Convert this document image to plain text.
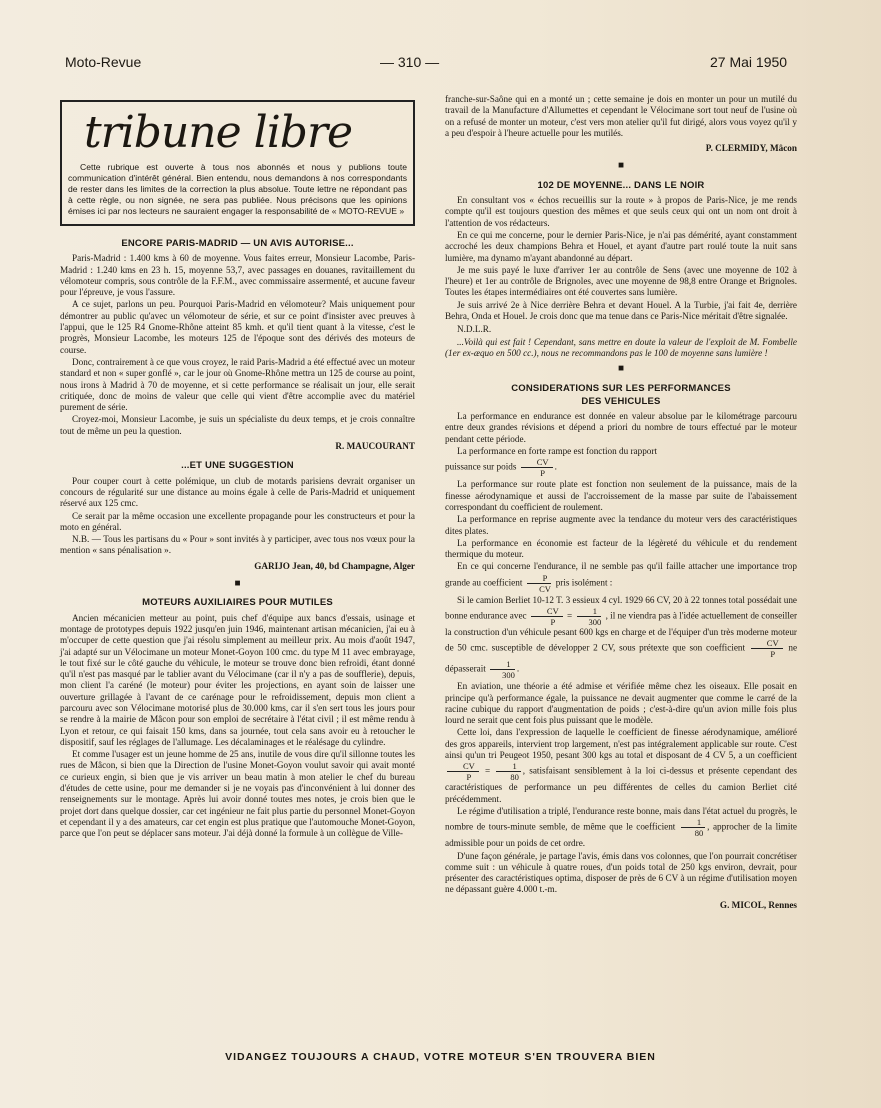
Moto-Revue	— 310 —	27 Mai 1950
tribune libre

Cette rubrique est ouverte à tous nos abonnés et nous y publions toute communication d'intérêt général. Bien entendu, nous demandons à nos correspondants de rester dans les limites de la correction la plus absolue. Toute lettre ne répondant pas à cette règle, ou non signée, ne sera pas publiée. Nous précisons que les opinions émises ici par nos lecteurs ne sauraient engager la responsabilité de « MOTO-REVUE »

ENCORE PARIS-MADRID — UN AVIS AUTORISE...

Paris-Madrid : 1.400 kms à 60 de moyenne. Vous faites erreur, Monsieur Lacombe, Paris-Madrid : 1.240 kms en 23 h. 15, moyenne 53,7, avec passages en douanes, ravitaillement du vélomoteur compris, sous contrôle de la F.F.M., avec commissaire assermenté, et aucune faveur pour l'épreuve, je vous l'assure.

A ce sujet, parlons un peu. Pourquoi Paris-Madrid en vélomoteur? Mais uniquement pour démontrer au public qu'avec un vélomoteur de série, et sur ce point d'insister avec preuves à l'appui, que le 125 R4 Gnome-Rhône atteint 85 kmh. et qu'il tient quant à la vitesse, c'est le progrès, Monsieur Lacombe, les moteurs 125 de l'époque sont des dérivés des moteurs de course.

Donc, contrairement à ce que vous croyez, le raid Paris-Madrid a été effectué avec un moteur standard et non « super gonflé », car le jour où Gnome-Rhône mettra un 125 de course au point, nous irons à Madrid à 70 de moyenne, et si cette performance se réalisait un jour, elle serait critiquée, donc de moins de valeur que celle qui vient d'être accomplie avec du matériel purement de série.

Croyez-moi, Monsieur Lacombe, je suis un spécialiste du deux temps, et je crois connaître tout de même un peu la question.

R. MAUCOURANT

...ET UNE SUGGESTION

Pour couper court à cette polémique, un club de motards parisiens devrait organiser un concours de régularité sur une distance au moins égale à celle de Paris-Madrid et uniquement réservé aux 125 cmc.

Ce serait par la même occasion une excellente propagande pour les constructeurs et pour la moto en général.

N.B. — Tous les partisans du « Pour » sont invités à y participer, avec tous nos vœux pour la mention « sans pénalisation ».

GARIJO Jean, 40, bd Champagne, Alger

■
MOTEURS AUXILIAIRES POUR MUTILES

Ancien mécanicien metteur au point, puis chef d'équipe aux bancs d'essais, usinage et montage de prototypes depuis 1922 jusqu'en juin 1946, maintenant artisan mécanicien, j'ai eu à m'occuper de cette question que j'ai résolu simplement au meilleur prix. Au mois d'août 1947, j'ai adapté sur un Vélocimane un moteur Monet-Goyon 100 cmc. du type M 11 avec embrayage, le tout fixé sur le côté gauche du véhicule, le moteur se trouve donc bien refroidi, étant donné qu'il n'est pas masqué par le tablier avant du Vélocimane (car il n'y a pas de soufflerie), depuis, mon client l'a caréné (le moteur) pour éviter les projections, en ayant soin de laisser une ouverture grillagée à l'avant de ce carénage pour le refroidissement, depuis mon client a parcouru avec son Vélocimane motorisé plus de 30.000 kms, car il s'en sert tous les jours pour se rendre à la mairie de Mâcon pour son emploi de secrétaire à l'état civil ; il est même rendu à Lyon et retour, ce qui faisait 150 kms, dans sa journée, tout cela sans avoir eu à retoucher le dispositif, sauf les réglages de l'allumage. Les décalaminages et le réalésage du cylindre.

Et comme l'usager est un jeune homme de 25 ans, inutile de vous dire qu'il sillonne toutes les rues de Mâcon, si bien que la Direction de l'usine Monet-Goyon voulut savoir qui avait monté ce curieux engin, si bien que je vis arriver un beau matin à mon atelier le chef du bureau d'études de cette usine, pour me demander si je ne voyais pas d'inconvénient à lui donner des renseignements sur le montage. Après lui avoir donné toutes mes notes, je crois bien que le projet dort dans quelque dossier, car cet ingénieur ne fait plus partie du personnel Monet-Goyon et cependant il y a des amateurs, car cet engin est plus pratique que l'automouche Monet-Goyon, parce que l'on peut se déplacer sans moteur. J'ai déjà donné la formule à un collègue de Ville-

franche-sur-Saône qui en a monté un ; cette semaine je dois en monter un pour un mutilé du travail de la Manufacture d'Allumettes et cependant le Vélocimane sort tout neuf de l'usine où on a refusé de monter un moteur, c'est vers mon atelier qu'il fut dirigé, alors vous voyez qu'il y a peu d'espoir à l'heure actuelle pour les mutilés.

P. CLERMIDY, Mâcon

■
102 DE MOYENNE... DANS LE NOIR

En consultant vos « échos recueillis sur la route » à propos de Paris-Nice, je me rends compte qu'il est toujours question des mêmes et que seuls ceux qui ont un nom ont droit à l'attention de vos rédacteurs.

En ce qui me concerne, pour le dernier Paris-Nice, je n'ai pas démérité, ayant constamment accroché les deux champions Behra et Houel, et ayant d'autre part roulé toute la nuit sans lumière, ma dynamo m'ayant abandonné au départ.

Je me suis payé le luxe d'arriver 1er au contrôle de Sens (avec une moyenne de 102 à l'heure) et 1er au contrôle de Brignoles, avec une moyenne de 98,8 entre Orange et Brignoles. Toutes les étapes intermédiaires ont été couvertes sans lumière.

Je suis arrivé 2e à Nice derrière Behra et devant Houel. A la Turbie, j'ai fait 4e, derrière Behra, Onda et Houel. Je crois donc que ma tenue dans ce Paris-Nice méritait d'être signalée.

N.D.L.R.

...Voilà qui est fait ! Cependant, sans mettre en doute la valeur de l'exploit de M. Fombelle (1er ex-æquo en 500 cc.), nous ne recommandons pas le 100 de moyenne sans lumière !

■
CONSIDERATIONS SUR LES PERFORMANCES
DES VEHICULES

La performance en endurance est donnée en valeur absolue par le kilométrage parcouru entre deux grandes révisions et dépend a priori du nombre de tours effectué par le moteur pendant cette période.

La performance en forte rampe est fonction du rapport
puissance sur poids $\frac{CV}{P}$ .

La performance sur route plate est fonction non seulement de la puissance, mais de la finesse aérodynamique et aussi de l'accroissement de la masse par suite de l'abaissement correspondant du coefficient de roulement.

La performance en reprise augmente avec la tendance du moteur vers des caractéristiques dites plates.

La performance en économie est facteur de la légèreté du véhicule et du rendement thermique du moteur.

En ce qui concerne l'endurance, il ne semble pas qu'il faille attacher une importance trop grande au coefficient $\frac{P}{CV}$ pris isolément :

Si le camion Berliet 10-12 T. 3 essieux 4 cyl. 1929 66 CV, 20 à 22 tonnes total possédait une bonne endurance avec $\frac{CV}{P} = \frac{1}{300}$ , il ne viendra pas à l'idée actuellement de conseiller la construction d'un véhicule pesant 600 kgs en charge et de l'équiper d'un très moderne moteur de 50 cmc. susceptible de développer 2 CV, sous prétexte que son coefficient $\frac{CV}{P}$ ne dépasserait $\frac{1}{300}$ .

En aviation, une théorie a été admise et vérifiée même chez les oiseaux. Elle posait en principe qu'à performance égale, la puissance ne devait augmenter que comme le carré de la racine cubique du rapport d'augmentation de poids ; c'est-à-dire qu'un avion mille fois plus lourd ne serait que cent fois plus puissant que le modèle.

Cette loi, dans l'expression de laquelle le coefficient de finesse aérodynamique, amélioré des gros appareils, intervient trop largement, n'est pas intégralement applicable sur route. C'est ainsi qu'un tri Peugeot 1950, pesant 300 kgs au total et disposant de 4 CV 5, a un coefficient
$\frac{CV}{P} = \frac{1}{80}$ , satisfaisant sensiblement à la loi ci-dessus et présente cependant des caractéristiques de performance un peu différentes de celles du camion Berliet cité précédemment.

Le régime d'utilisation a triplé, l'endurance reste bonne, mais dans l'état actuel du progrès, le nombre de tours-minute semble, de même que le coefficient $\frac{1}{80}$ , approcher de la limite admissible pour un poids de cet ordre.

D'une façon générale, je partage l'avis, émis dans vos colonnes, que l'on pourrait concrétiser comme suit : un véhicule à quatre roues, d'un poids total de 250 kgs environ, devrait, pour présenter des caractéristiques optima, disposer de près de 6 CV à un régime d'utilisation moyen ne dépassant guère 4.000 t.-m.

G. MICOL, Rennes

VIDANGEZ TOUJOURS A CHAUD, VOTRE MOTEUR S'EN TROUVERA BIEN
